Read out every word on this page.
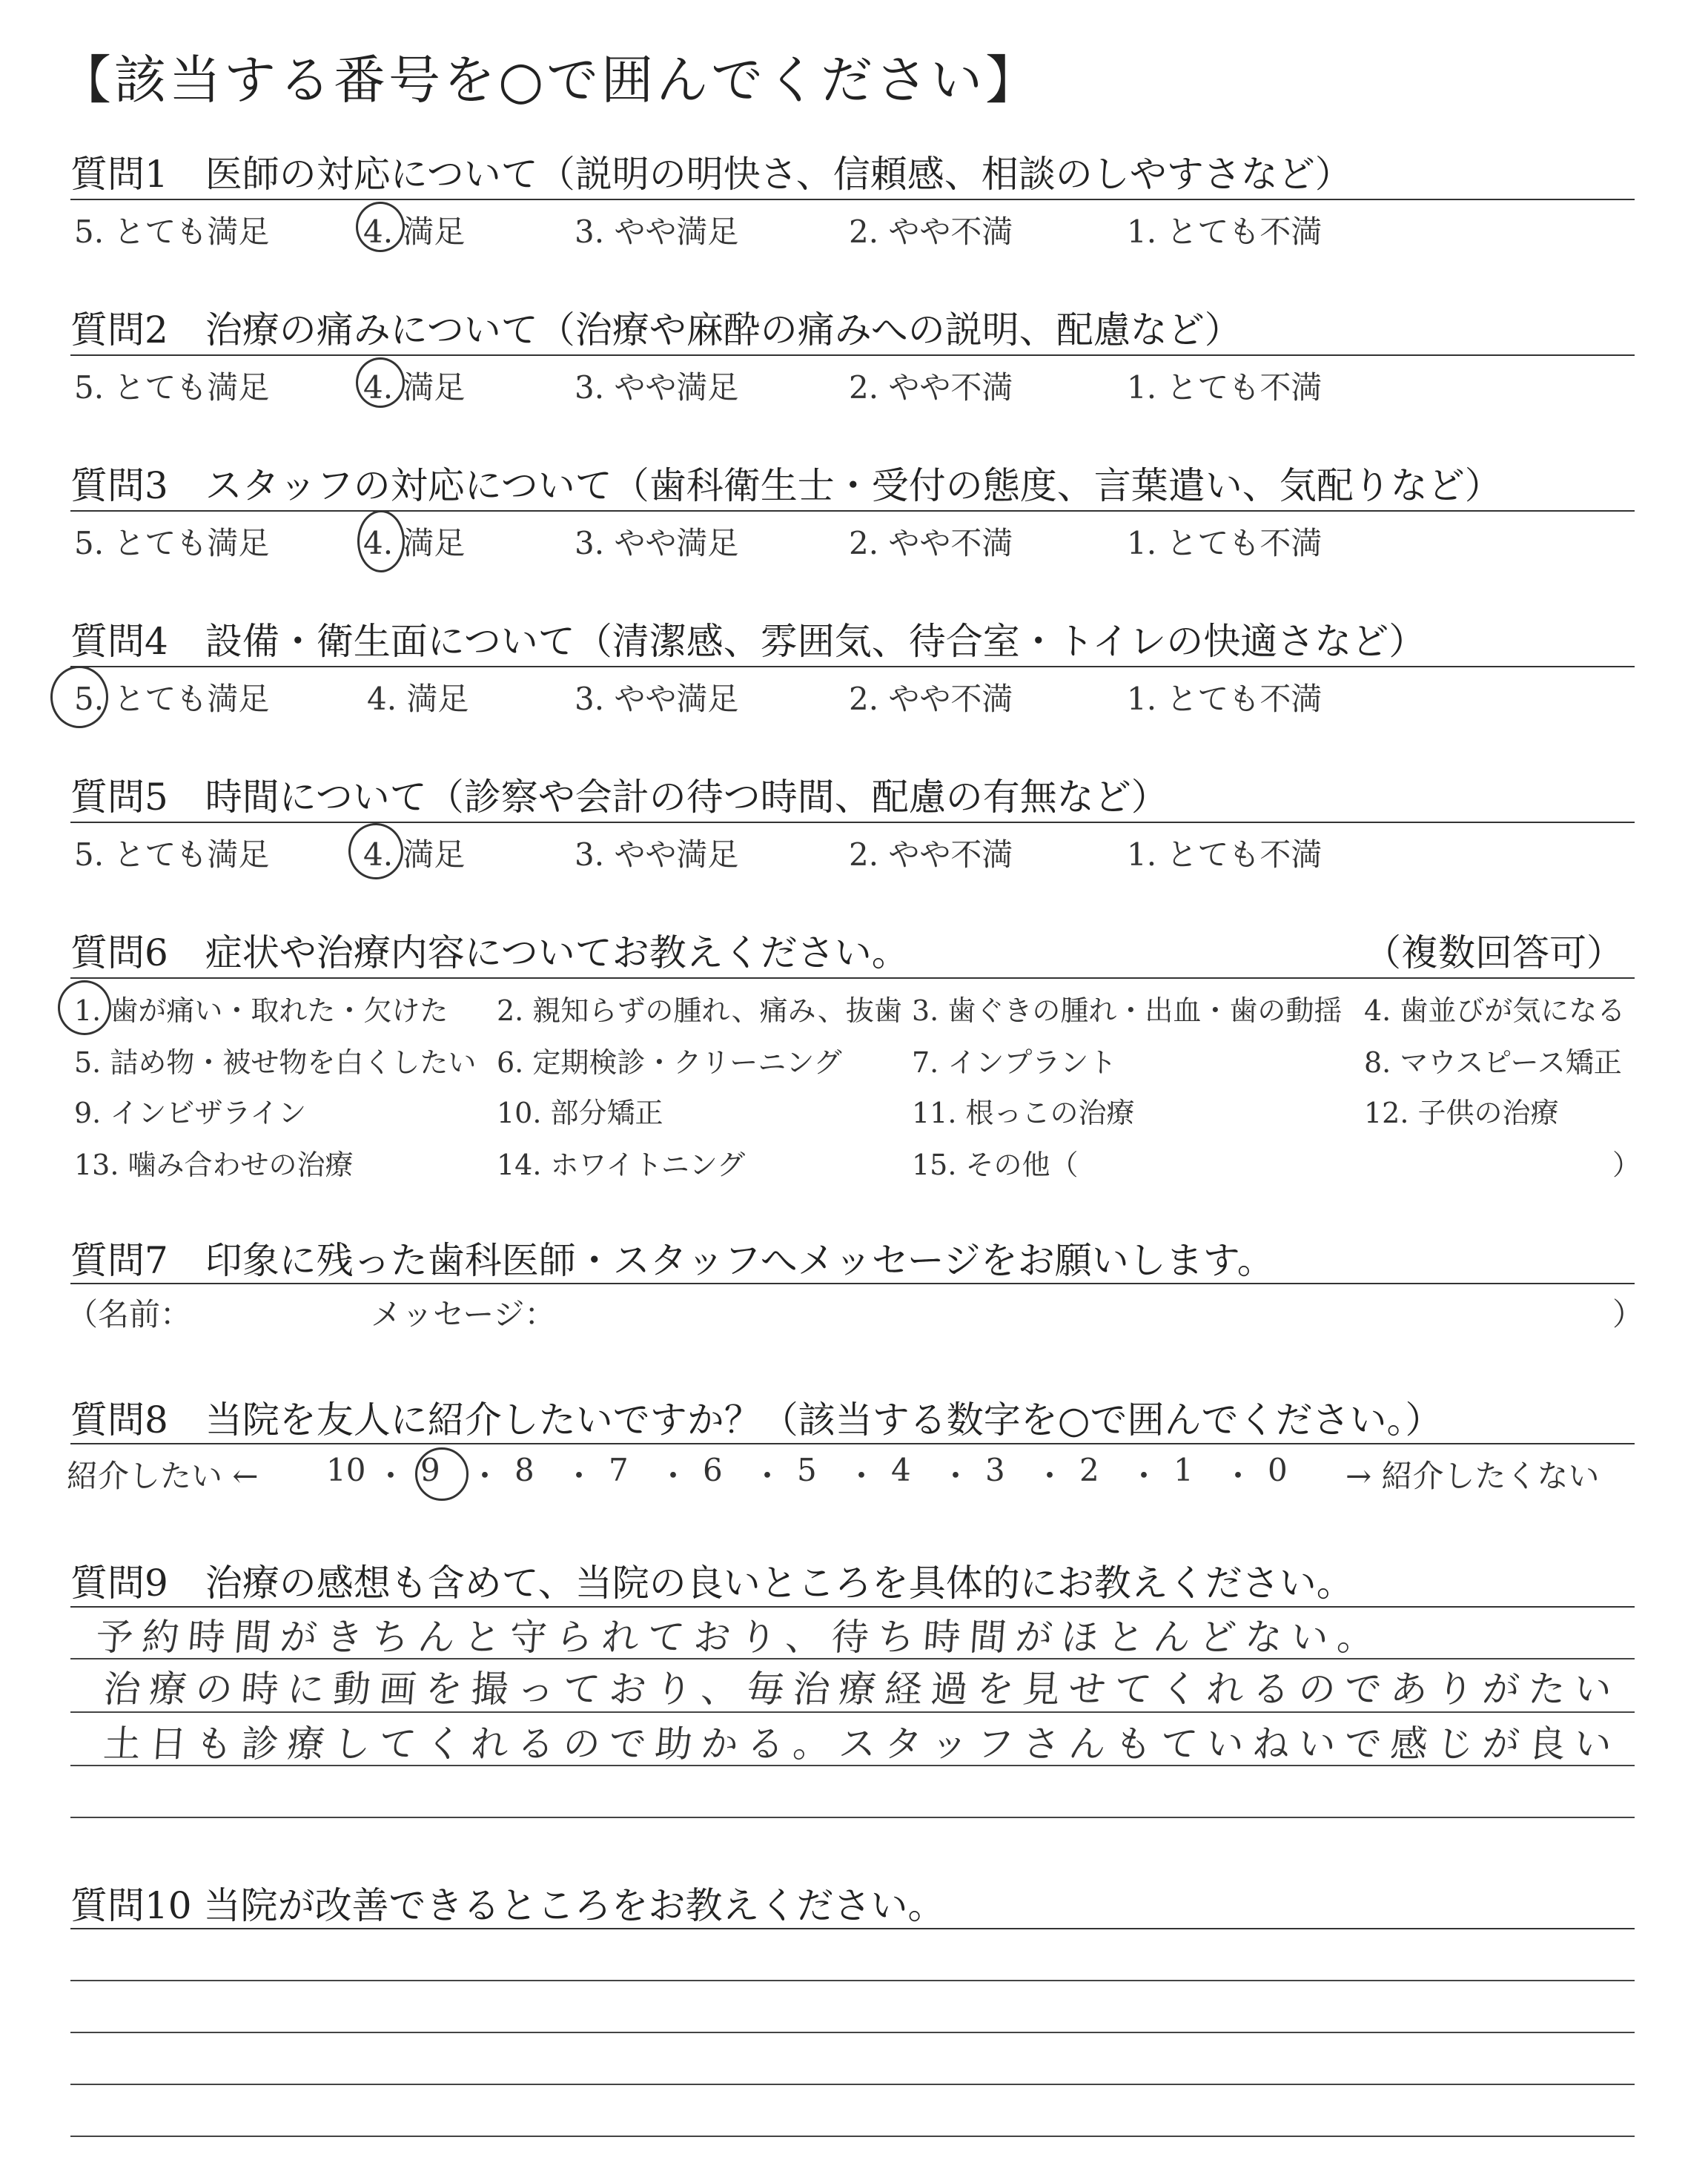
【該当する番号を○で囲んでください】
質問1　医師の対応について（説明の明快さ、信頼感、相談のしやすさなど）
5. とても満足	4. 満足	3. やや満足	2. やや不満	1. とても不満
質問2　治療の痛みについて（治療や麻酔の痛みへの説明、配慮など）
5. とても満足	4. 満足	3. やや満足	2. やや不満	1. とても不満
質問3　スタッフの対応について（歯科衛生士・受付の態度、言葉遣い、気配りなど）
5. とても満足	4. 満足	3. やや満足	2. やや不満	1. とても不満
質問4　設備・衛生面について（清潔感、雰囲気、待合室・トイレの快適さなど）
5. とても満足	4. 満足	3. やや満足	2. やや不満	1. とても不満
質問5　時間について（診察や会計の待つ時間、配慮の有無など）
5. とても満足	4. 満足	3. やや満足	2. やや不満	1. とても不満
質問6　症状や治療内容についてお教えください。	（複数回答可）
1. 歯が痛い・取れた・欠けた 2. 親知らずの腫れ、痛み、抜歯 3. 歯ぐきの腫れ・出血・歯の動揺 4. 歯並びが気になる
5. 詰め物・被せ物を白くしたい 6. 定期検診・クリーニング 7. インプラント	8. マウスピース矯正
9. インビザライン	10. 部分矯正	11. 根っこの治療	12. 子供の治療
13. 噛み合わせの治療	14. ホワイトニング	15. その他（	）
質問7　印象に残った歯科医師・スタッフへメッセージをお願いします。
（名前：	メッセージ：	）
質問8　当院を友人に紹介したいですか？（該当する数字を○で囲んでください。）
紹介したい ← 10 ・ 9 ・ 8 ・ 7 ・ 6 ・ 5 ・ 4 ・ 3 ・ 2 ・ 1 ・ 0 → 紹介したくない
質問9　治療の感想も含めて、当院の良いところを具体的にお教えください。
予約時間がきちんと守られており、待ち時間がほとんどない。
治療の時に動画を撮っており、毎治療経過を見せてくれるのでありがたい
土日も診療してくれるので助かる。スタッフさんもていねいで感じが良い
質問10 当院が改善できるところをお教えください。
